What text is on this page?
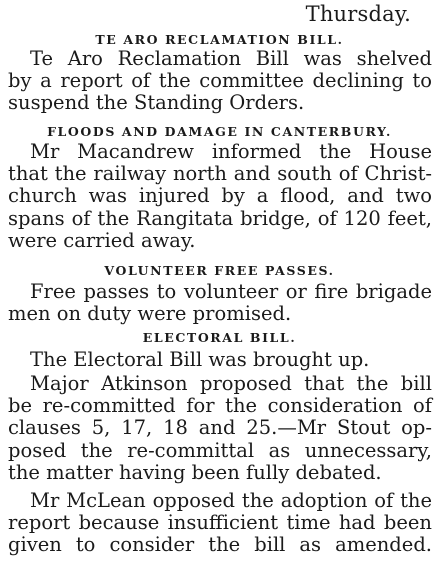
Thursday.
TE ARO RECLAMATION BILL.

Te Aro Reclamation Bill was shelved
by a report of the committee declining to
suspend the Standing Orders.

FLOODS AND DAMAGE IN CANTERBURY.

Mr Macandrew informed the House
that the railway north and south of Christ-
church was injured by a flood, and two
spans of the Rangitata bridge, of 120 feet,
were carried away.

VOLUNTEER FREE PASSES.

Free passes to volunteer or fire brigade
men on duty were promised.

ELECTORAL BILL.

The Electoral Bill was brought up.

Major Atkinson proposed that the bill
be re-committed for the consideration of
clauses 5, 17, 18 and 25.—Mr Stout op-
posed the re-committal as unnecessary,
the matter having been fully debated.

Mr McLean opposed the adoption of the
report because insufficient time had been
given to consider the bill as amended.
